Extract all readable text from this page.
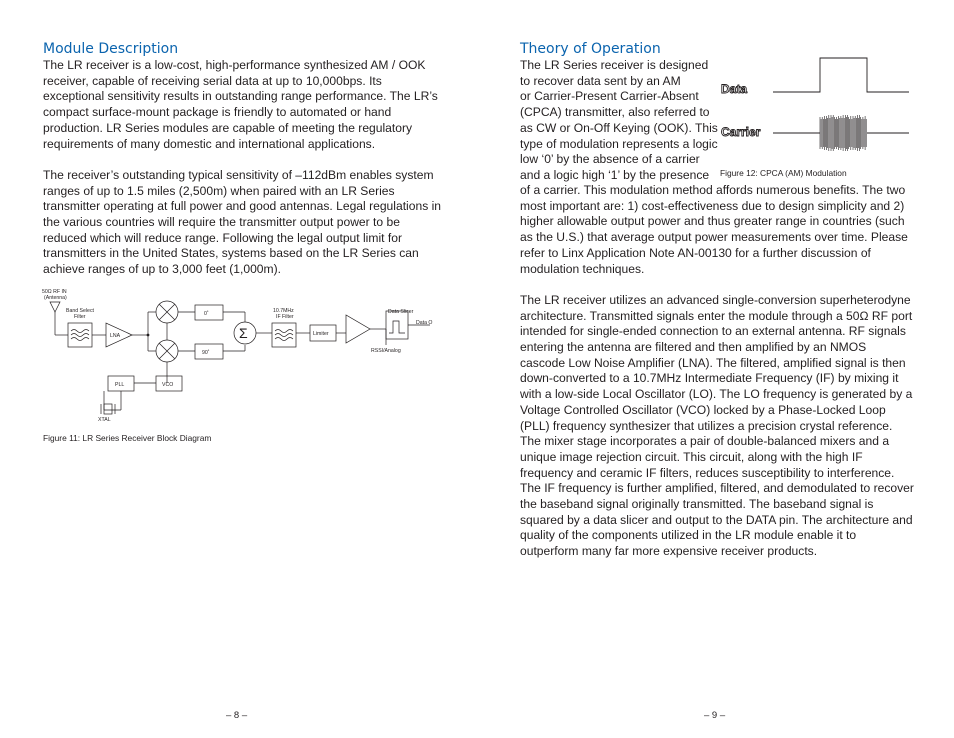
Module Description

The LR receiver is a low-cost, high-performance synthesized AM / OOK receiver, capable of receiving serial data at up to 10,000bps. Its exceptional sensitivity results in outstanding range performance. The LR’s compact surface-mount package is friendly to automated or hand production. LR Series modules are capable of meeting the regulatory requirements of many domestic and international applications.

The receiver’s outstanding typical sensitivity of –112dBm enables system ranges of up to 1.5 miles (2,500m) when paired with an LR Series transmitter operating at full power and good antennas. Legal regulations in the various countries will require the transmitter output power to be reduced which will reduce range. Following the legal output limit for transmitters in the United States, systems based on the LR Series can achieve ranges of up to 3,000 feet (1,000m).

50Ω RF IN
(Antenna)
Band Select
Filter
LNA
0˚
90˚
10.7MHz
IF Filter
Limiter
Data Slicer
Data O
RSSI/Analog
PLL	VCO
XTAL
Σ
Figure 11: LR Series Receiver Block Diagram
– 8 –
Theory of Operation
The LR Series receiver is designed
to recover data sent by an AM
or Carrier-Present Carrier-Absent
(CPCA) transmitter, also referred to
as CW or On-Off Keying (OOK). This
type of modulation represents a logic
low ‘0’ by the absence of a carrier
and a logic high ‘1’ by the presence
Data
Carrier
Figure 12: CPCA (AM) Modulation

of a carrier. This modulation method affords numerous benefits. The two most important are: 1) cost-effectiveness due to design simplicity and 2) higher allowable output power and thus greater range in countries (such as the U.S.) that average output power measurements over time. Please refer to Linx Application Note AN-00130 for a further discussion of modulation techniques.

The LR receiver utilizes an advanced single-conversion superheterodyne architecture. Transmitted signals enter the module through a 50Ω RF port intended for single-ended connection to an external antenna. RF signals entering the antenna are filtered and then amplified by an NMOS cascode Low Noise Amplifier (LNA). The filtered, amplified signal is then down-converted to a 10.7MHz Intermediate Frequency (IF) by mixing it with a low-side Local Oscillator (LO). The LO frequency is generated by a Voltage Controlled Oscillator (VCO) locked by a Phase-Locked Loop (PLL) frequency synthesizer that utilizes a precision crystal reference. The mixer stage incorporates a pair of double-balanced mixers and a unique image rejection circuit. This circuit, along with the high IF frequency and ceramic IF filters, reduces susceptibility to interference. The IF frequency is further amplified, filtered, and demodulated to recover the baseband signal originally transmitted. The baseband signal is squared by a data slicer and output to the DATA pin. The architecture and quality of the components utilized in the LR module enable it to outperform many far more expensive receiver products.

– 9 –
